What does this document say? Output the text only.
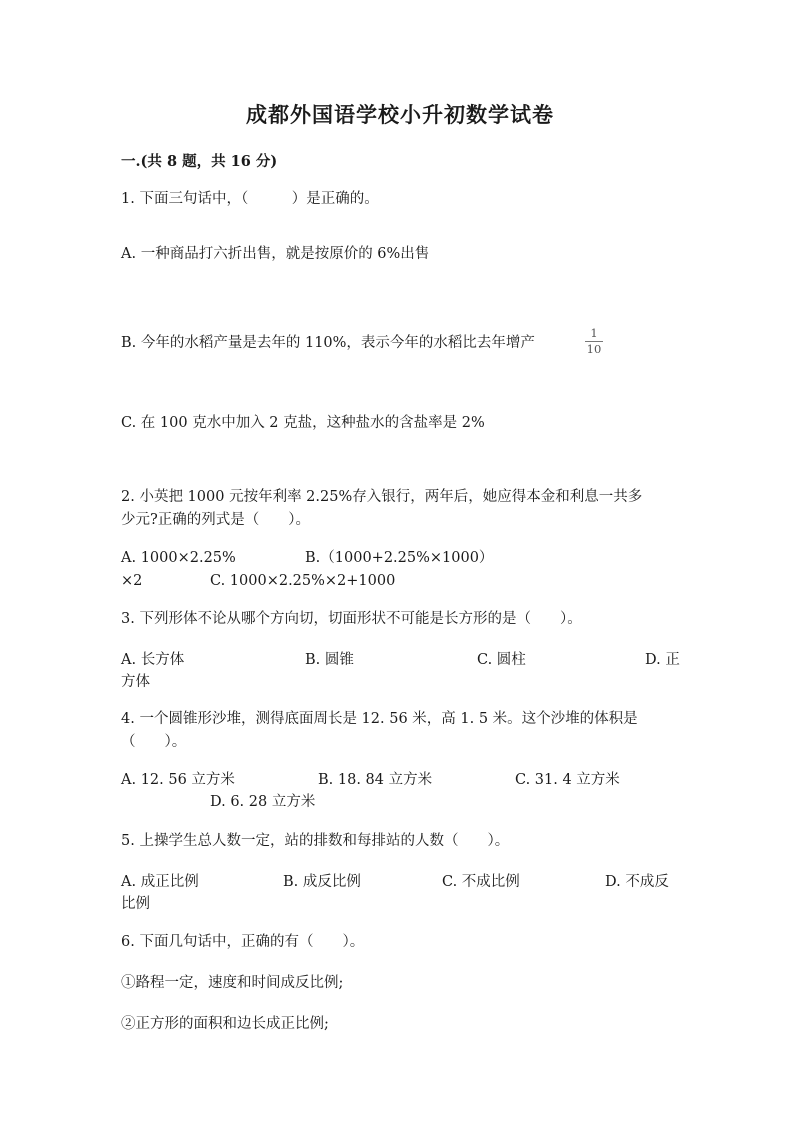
成都外国语学校小升初数学试卷
一.(共 8 题，共 16 分)
1. 下面三句话中，（　　　）是正确的。
A. 一种商品打六折出售，就是按原价的 6%出售
B. 今年的水稻产量是去年的 110%，表示今年的水稻比去年增产
1
10
C. 在 100 克水中加入 2 克盐，这种盐水的含盐率是 2%
2. 小英把 1000 元按年利率 2.25%存入银行，两年后，她应得本金和利息一共多
少元?正确的列式是（　　）。
A. 1000×2.25%	B.（1000+2.25%×1000）
×2	C. 1000×2.25%×2+1000
3. 下列形体不论从哪个方向切，切面形状不可能是长方形的是（　　）。
A. 长方体	B. 圆锥	C. 圆柱	D. 正
方体
4. 一个圆锥形沙堆，测得底面周长是 12. 56 米，高 1. 5 米。这个沙堆的体积是
（　　）。
A. 12. 56 立方米	B. 18. 84 立方米	C. 31. 4 立方米
D. 6. 28 立方米
5. 上操学生总人数一定，站的排数和每排站的人数（　　）。
A. 成正比例	B. 成反比例	C. 不成比例	D. 不成反
比例
6. 下面几句话中，正确的有（　　）。
①路程一定，速度和时间成反比例;
②正方形的面积和边长成正比例;
